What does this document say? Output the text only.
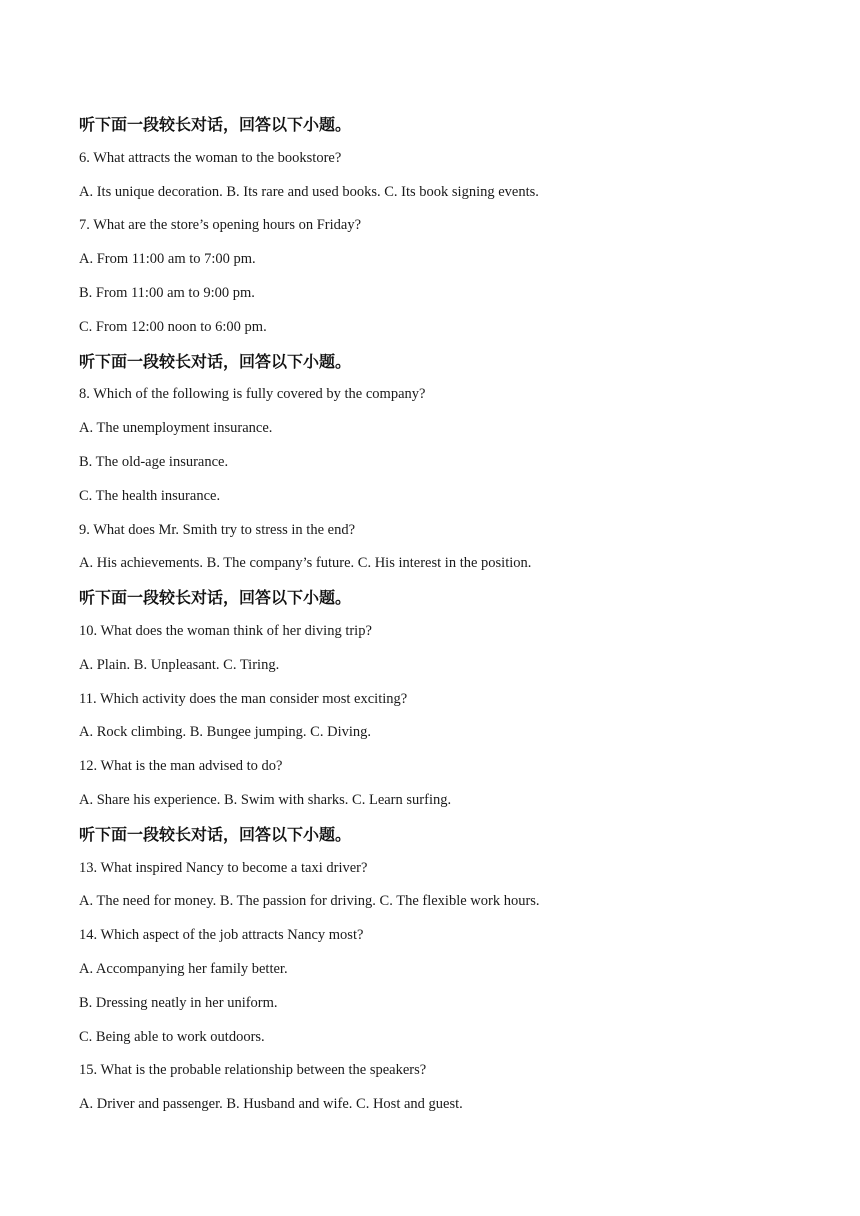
听下面一段较长对话，回答以下小题。
6. What attracts the woman to the bookstore?
A. Its unique decoration. B. Its rare and used books. C. Its book signing events.
7. What are the store’s opening hours on Friday?
A. From 11:00 am to 7:00 pm.
B. From 11:00 am to 9:00 pm.
C. From 12:00 noon to 6:00 pm.
听下面一段较长对话，回答以下小题。
8. Which of the following is fully covered by the company?
A. The unemployment insurance.
B. The old-age insurance.
C. The health insurance.
9. What does Mr. Smith try to stress in the end?
A. His achievements. B. The company’s future. C. His interest in the position.
听下面一段较长对话，回答以下小题。
10. What does the woman think of her diving trip?
A. Plain. B. Unpleasant. C. Tiring.
11. Which activity does the man consider most exciting?
A. Rock climbing. B. Bungee jumping. C. Diving.
12. What is the man advised to do?
A. Share his experience. B. Swim with sharks. C. Learn surfing.
听下面一段较长对话，回答以下小题。
13. What inspired Nancy to become a taxi driver?
A. The need for money. B. The passion for driving. C. The flexible work hours.
14. Which aspect of the job attracts Nancy most?
A. Accompanying her family better.
B. Dressing neatly in her uniform.
C. Being able to work outdoors.
15. What is the probable relationship between the speakers?
A. Driver and passenger. B. Husband and wife. C. Host and guest.
